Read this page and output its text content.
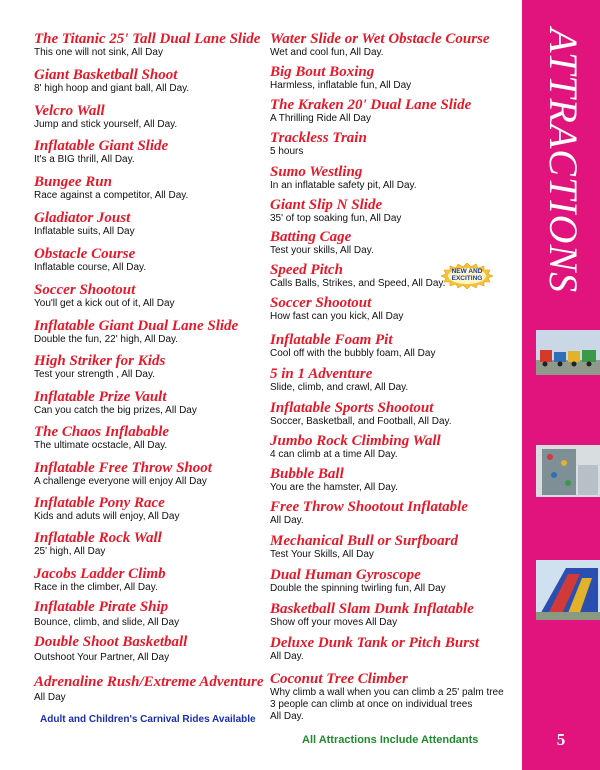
The Titanic 25' Tall Dual Lane Slide
This one will not sink, All Day
Giant Basketball Shoot
8' high hoop and giant ball, All Day.
Velcro Wall
Jump and stick yourself, All Day.
Inflatable Giant Slide
It's a BIG thrill, All Day.
Bungee Run
Race against a competitor, All Day.
Gladiator Joust
Inflatable suits, All Day
Obstacle Course
Inflatable course, All Day.
Soccer Shootout
You'll get a kick out of it, All Day
Inflatable Giant Dual Lane Slide
Double the fun, 22' high, All Day.
High Striker for Kids
Test your strength , All Day.
Inflatable Prize Vault
Can you catch the big prizes, All Day
The Chaos Inflabable
The ultimate ocstacle, All Day.
Inflatable Free Throw Shoot
A challenge everyone will enjoy All Day
Inflatable Pony Race
Kids and aduts will enjoy, All Day
Inflatable Rock Wall
25' high, All Day
Jacobs Ladder Climb
Race in the climber, All Day.
Inflatable Pirate Ship
Bounce, climb, and slide, All Day
Double Shoot Basketball
Outshoot Your Partner, All Day
Adrenaline Rush/Extreme Adventure
All Day
Water Slide or Wet Obstacle Course
Wet and cool fun, All Day.
Big Bout Boxing
Harmless, inflatable fun, All Day
The Kraken 20' Dual Lane Slide
A Thrilling Ride All Day
Trackless Train
5 hours
Sumo Westling
In an inflatable safety pit, All Day.
Giant Slip N Slide
35' of top soaking fun, All Day
Batting Cage
Test your skills, All Day.
Speed Pitch
Calls Balls, Strikes, and Speed, All Day.
Soccer Shootout
How fast can you kick, All Day
Inflatable Foam Pit
Cool off with the bubbly foam, All Day
5 in 1 Adventure
Slide, climb, and crawl, All Day.
Inflatable Sports Shootout
Soccer, Basketball, and Football, All Day.
Jumbo Rock Climbing Wall
4 can climb at a time All Day.
Bubble Ball
You are the hamster, All Day.
Free Throw Shootout Inflatable
All Day.
Mechanical Bull or Surfboard
Test Your Skills, All Day
Dual Human Gyroscope
Double the spinning twirling fun, All Day
Basketball Slam Dunk Inflatable
Show off your moves All Day
Deluxe Dunk Tank or Pitch Burst
All Day.
Coconut Tree Climber
Why climb a wall when you can climb a 25' palm tree
3 people can climb at once on individual trees
All Day.
NEW AND
EXCITING ATTRACTIONS
5
Adult and Children's Carnival Rides Available
All Attractions Include Attendants
